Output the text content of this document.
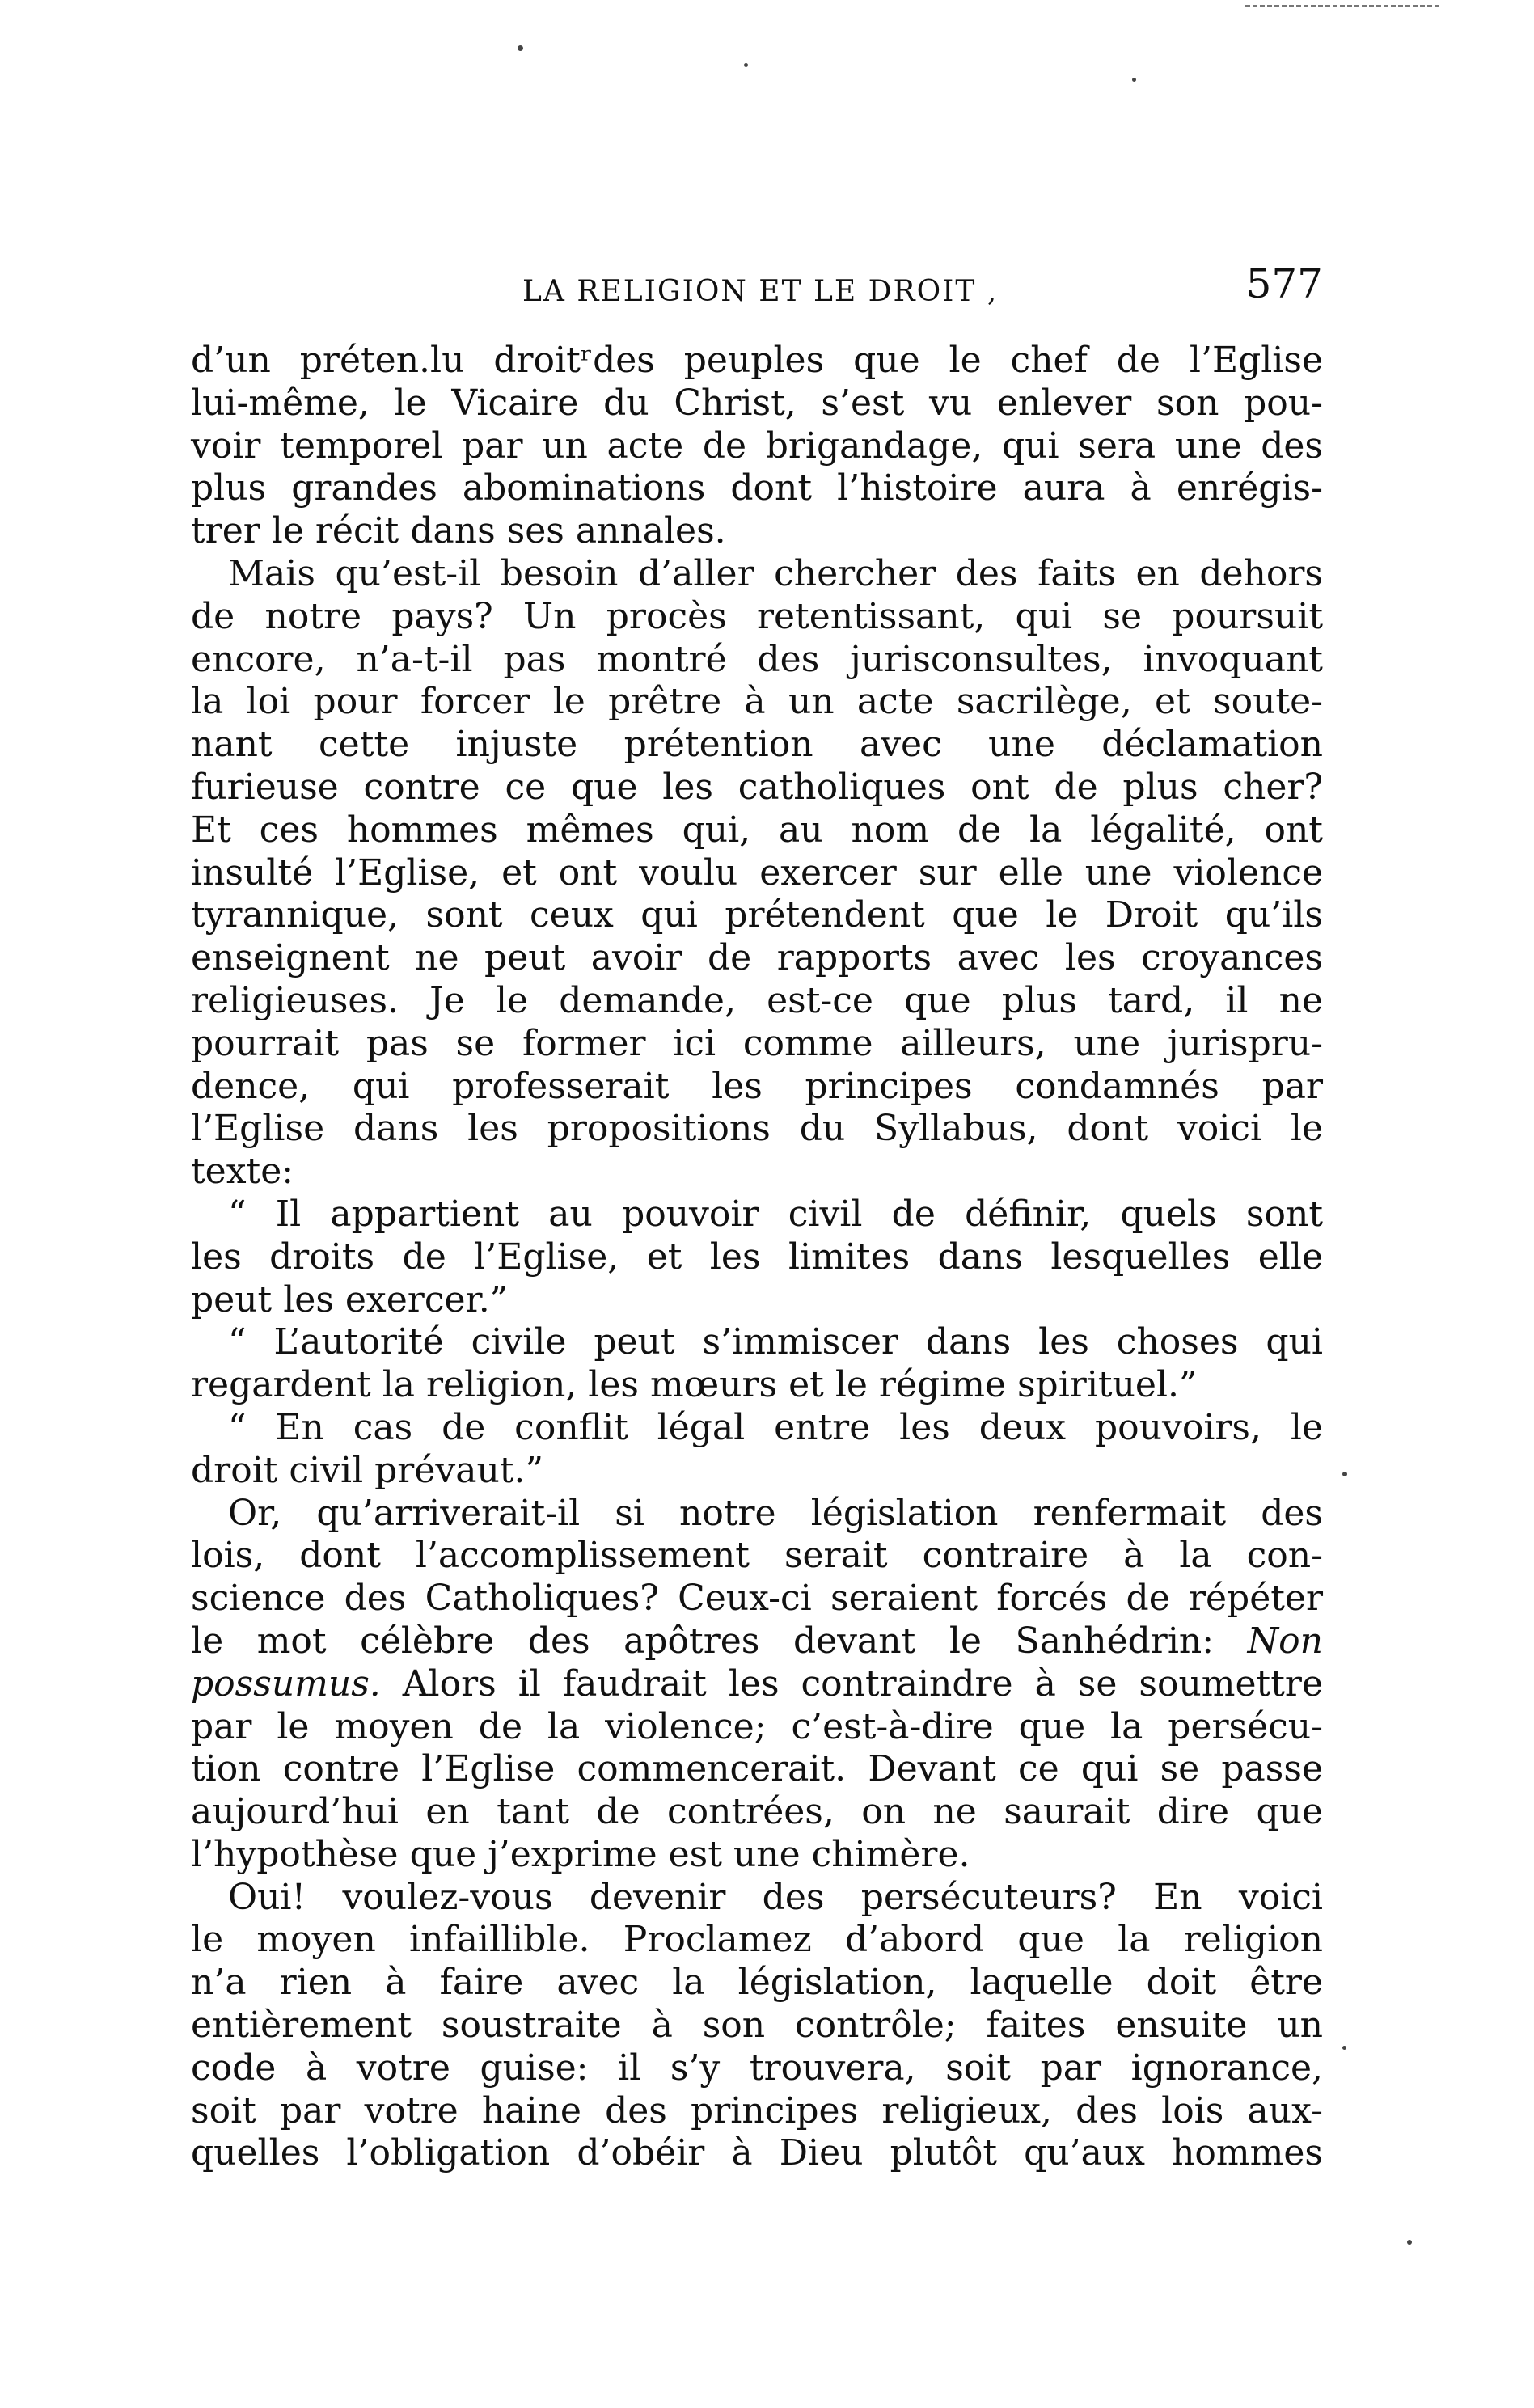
LA RELIGION ET LE DROIT ,	577
d’un préten.lu droitʳdes peuples que le chef de l’Eglise
lui-même, le Vicaire du Christ, s’est vu enlever son pou-
voir temporel par un acte de brigandage, qui sera une des
plus grandes abominations dont l’histoire aura à enrégis-
trer le récit dans ses annales.
Mais qu’est-il besoin d’aller chercher des faits en dehors
de notre pays? Un procès retentissant, qui se poursuit
encore, n’a-t-il pas montré des jurisconsultes, invoquant
la loi pour forcer le prêtre à un acte sacrilège, et soute-
nant cette injuste prétention avec une déclamation
furieuse contre ce que les catholiques ont de plus cher?
Et ces hommes mêmes qui, au nom de la légalité, ont
insulté l’Eglise, et ont voulu exercer sur elle une violence
tyrannique, sont ceux qui prétendent que le Droit qu’ils
enseignent ne peut avoir de rapports avec les croyances
religieuses. Je le demande, est-ce que plus tard, il ne
pourrait pas se former ici comme ailleurs, une jurispru-
dence, qui professerait les principes condamnés par
l’Eglise dans les propositions du Syllabus, dont voici le
texte:
“ Il appartient au pouvoir civil de définir, quels sont
les droits de l’Eglise, et les limites dans lesquelles elle
peut les exercer.”
“ L’autorité civile peut s’immiscer dans les choses qui
regardent la religion, les mœurs et le régime spirituel.”
“ En cas de conflit légal entre les deux pouvoirs, le
droit civil prévaut.”
Or, qu’arriverait-il si notre législation renfermait des
lois, dont l’accomplissement serait contraire à la con-
science des Catholiques? Ceux-ci seraient forcés de répéter
le mot célèbre des apôtres devant le Sanhédrin: Non
possumus. Alors il faudrait les contraindre à se soumettre
par le moyen de la violence; c’est-à-dire que la persécu-
tion contre l’Eglise commencerait. Devant ce qui se passe
aujourd’hui en tant de contrées, on ne saurait dire que
l’hypothèse que j’exprime est une chimère.
Oui! voulez-vous devenir des persécuteurs? En voici
le moyen infaillible. Proclamez d’abord que la religion
n’a rien à faire avec la législation, laquelle doit être
entièrement soustraite à son contrôle; faites ensuite un
code à votre guise: il s’y trouvera, soit par ignorance,
soit par votre haine des principes religieux, des lois aux-
quelles l’obligation d’obéir à Dieu plutôt qu’aux hommes
